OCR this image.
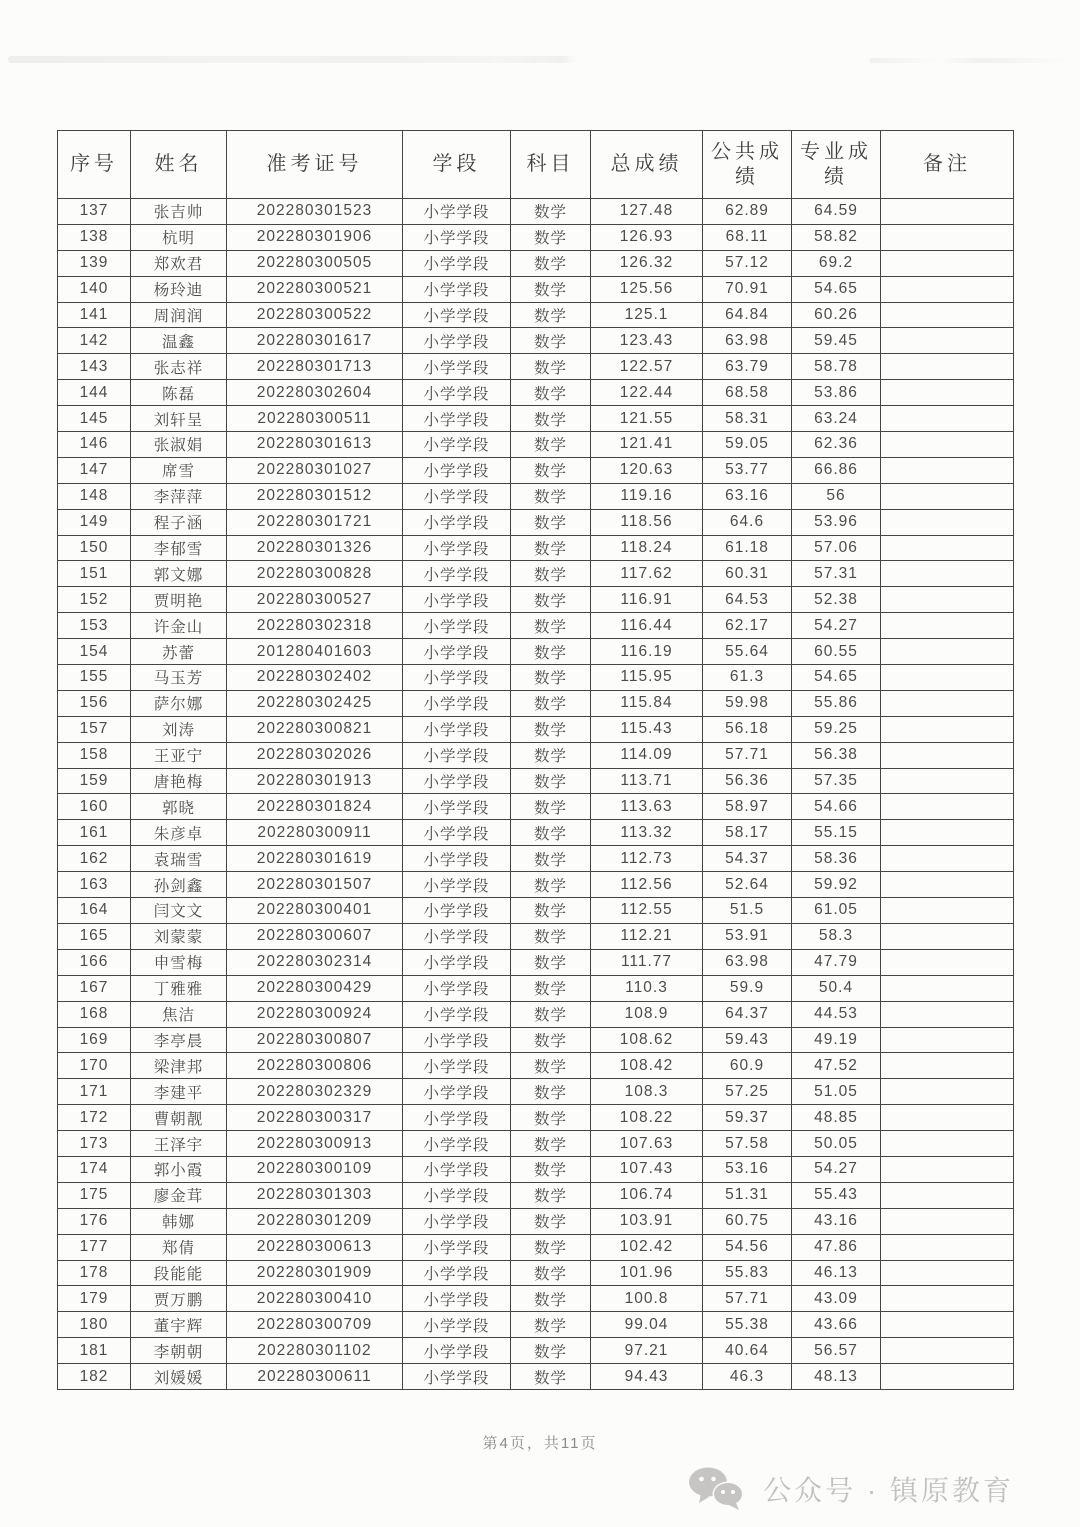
序号	姓名	准考证号	学段	科目	总成绩	公共成绩	专业成绩	备注
137	张吉帅	202280301523	小学学段	数学	127.48	62.89	64.59	
138	杭明	202280301906	小学学段	数学	126.93	68.11	58.82	
139	郑欢君	202280300505	小学学段	数学	126.32	57.12	69.2	
140	杨玲迪	202280300521	小学学段	数学	125.56	70.91	54.65	
141	周润润	202280300522	小学学段	数学	125.1	64.84	60.26	
142	温鑫	202280301617	小学学段	数学	123.43	63.98	59.45	
143	张志祥	202280301713	小学学段	数学	122.57	63.79	58.78	
144	陈磊	202280302604	小学学段	数学	122.44	68.58	53.86	
145	刘轩呈	202280300511	小学学段	数学	121.55	58.31	63.24	
146	张淑娟	202280301613	小学学段	数学	121.41	59.05	62.36	
147	席雪	202280301027	小学学段	数学	120.63	53.77	66.86	
148	李萍萍	202280301512	小学学段	数学	119.16	63.16	56	
149	程子涵	202280301721	小学学段	数学	118.56	64.6	53.96	
150	李郁雪	202280301326	小学学段	数学	118.24	61.18	57.06	
151	郭文娜	202280300828	小学学段	数学	117.62	60.31	57.31	
152	贾明艳	202280300527	小学学段	数学	116.91	64.53	52.38	
153	许金山	202280302318	小学学段	数学	116.44	62.17	54.27	
154	苏蕾	201280401603	小学学段	数学	116.19	55.64	60.55	
155	马玉芳	202280302402	小学学段	数学	115.95	61.3	54.65	
156	萨尔娜	202280302425	小学学段	数学	115.84	59.98	55.86	
157	刘涛	202280300821	小学学段	数学	115.43	56.18	59.25	
158	王亚宁	202280302026	小学学段	数学	114.09	57.71	56.38	
159	唐艳梅	202280301913	小学学段	数学	113.71	56.36	57.35	
160	郭晓	202280301824	小学学段	数学	113.63	58.97	54.66	
161	朱彦卓	202280300911	小学学段	数学	113.32	58.17	55.15	
162	袁瑞雪	202280301619	小学学段	数学	112.73	54.37	58.36	
163	孙剑鑫	202280301507	小学学段	数学	112.56	52.64	59.92	
164	闫文文	202280300401	小学学段	数学	112.55	51.5	61.05	
165	刘蒙蒙	202280300607	小学学段	数学	112.21	53.91	58.3	
166	申雪梅	202280302314	小学学段	数学	111.77	63.98	47.79	
167	丁雅雅	202280300429	小学学段	数学	110.3	59.9	50.4	
168	焦洁	202280300924	小学学段	数学	108.9	64.37	44.53	
169	李亭晨	202280300807	小学学段	数学	108.62	59.43	49.19	
170	梁津邦	202280300806	小学学段	数学	108.42	60.9	47.52	
171	李建平	202280302329	小学学段	数学	108.3	57.25	51.05	
172	曹朝靓	202280300317	小学学段	数学	108.22	59.37	48.85	
173	王泽宇	202280300913	小学学段	数学	107.63	57.58	50.05	
174	郭小霞	202280300109	小学学段	数学	107.43	53.16	54.27	
175	廖金茸	202280301303	小学学段	数学	106.74	51.31	55.43	
176	韩娜	202280301209	小学学段	数学	103.91	60.75	43.16	
177	郑倩	202280300613	小学学段	数学	102.42	54.56	47.86	
178	段能能	202280301909	小学学段	数学	101.96	55.83	46.13	
179	贾万鹏	202280300410	小学学段	数学	100.8	57.71	43.09	
180	董宇辉	202280300709	小学学段	数学	99.04	55.38	43.66	
181	李朝朝	202280301102	小学学段	数学	97.21	40.64	56.57	
182	刘媛媛	202280300611	小学学段	数学	94.43	46.3	48.13	
第4页，共11页
公众号 · 镇原教育
